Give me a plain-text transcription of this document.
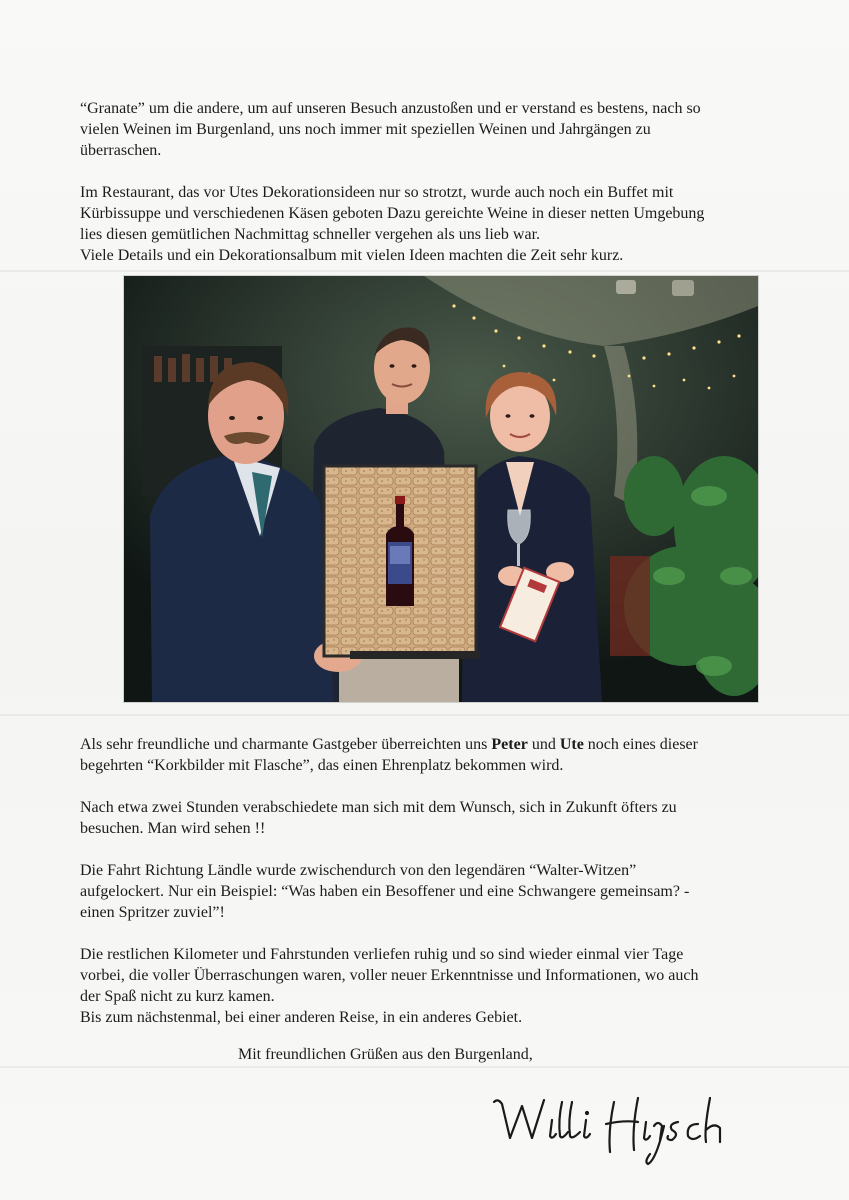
“Granate” um die andere, um auf unseren Besuch anzustoßen und er verstand es bestens, nach so
vielen Weinen im Burgenland, uns noch immer mit speziellen Weinen und Jahrgängen zu
überraschen.

Im Restaurant, das vor Utes Dekorationsideen nur so strotzt, wurde auch noch ein Buffet mit
Kürbissuppe und verschiedenen Käsen geboten Dazu gereichte Weine in dieser netten Umgebung
lies diesen gemütlichen Nachmittag schneller vergehen als uns lieb war.
Viele Details und ein Dekorationsalbum mit vielen Ideen machten die Zeit sehr kurz.

Als sehr freundliche und charmante Gastgeber überreichten uns Peter und Ute noch eines dieser
begehrten “Korkbilder mit Flasche”, das einen Ehrenplatz bekommen wird.

Nach etwa zwei Stunden verabschiedete man sich mit dem Wunsch, sich in Zukunft öfters zu
besuchen. Man wird sehen !!

Die Fahrt Richtung Ländle wurde zwischendurch von den legendären “Walter-Witzen”
aufgelockert. Nur ein Beispiel: “Was haben ein Besoffener und eine Schwangere gemeinsam? -
einen Spritzer zuviel”!

Die restlichen Kilometer und Fahrstunden verliefen ruhig und so sind wieder einmal vier Tage
vorbei, die voller Überraschungen waren, voller neuer Erkenntnisse und Informationen, wo auch
der Spaß nicht zu kurz kamen.
Bis zum nächstenmal, bei einer anderen Reise, in ein anderes Gebiet.

Mit freundlichen Grüßen aus den Burgenland,
